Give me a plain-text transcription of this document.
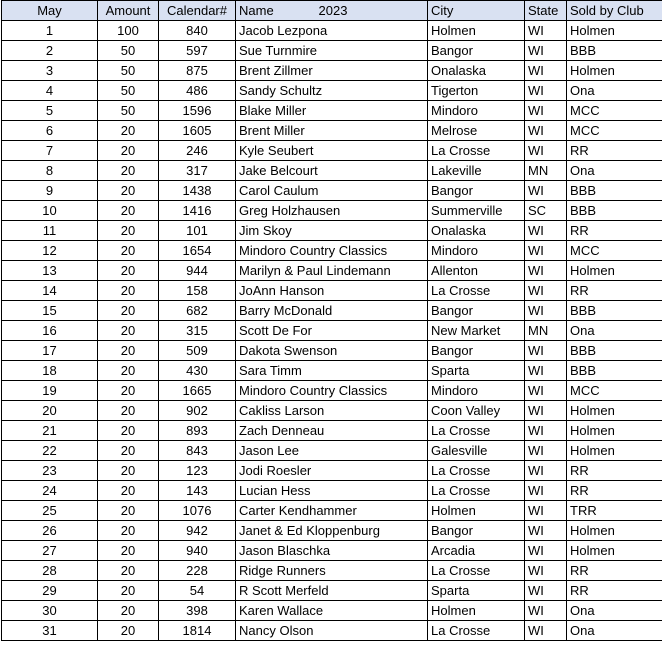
May	Amount	Calendar#	Name 2023	City	State	Sold by Club
1	100	840	Jacob Lezpona	Holmen	WI	Holmen
2	50	597	Sue Turnmire	Bangor	WI	BBB
3	50	875	Brent Zillmer	Onalaska	WI	Holmen
4	50	486	Sandy Schultz	Tigerton	WI	Ona
5	50	1596	Blake Miller	Mindoro	WI	MCC
6	20	1605	Brent Miller	Melrose	WI	MCC
7	20	246	Kyle Seubert	La Crosse	WI	RR
8	20	317	Jake Belcourt	Lakeville	MN	Ona
9	20	1438	Carol Caulum	Bangor	WI	BBB
10	20	1416	Greg Holzhausen	Summerville	SC	BBB
11	20	101	Jim Skoy	Onalaska	WI	RR
12	20	1654	Mindoro Country Classics	Mindoro	WI	MCC
13	20	944	Marilyn & Paul Lindemann	Allenton	WI	Holmen
14	20	158	JoAnn Hanson	La Crosse	WI	RR
15	20	682	Barry McDonald	Bangor	WI	BBB
16	20	315	Scott De For	New Market	MN	Ona
17	20	509	Dakota Swenson	Bangor	WI	BBB
18	20	430	Sara Timm	Sparta	WI	BBB
19	20	1665	Mindoro Country Classics	Mindoro	WI	MCC
20	20	902	Cakliss Larson	Coon Valley	WI	Holmen
21	20	893	Zach Denneau	La Crosse	WI	Holmen
22	20	843	Jason Lee	Galesville	WI	Holmen
23	20	123	Jodi Roesler	La Crosse	WI	RR
24	20	143	Lucian Hess	La Crosse	WI	RR
25	20	1076	Carter Kendhammer	Holmen	WI	TRR
26	20	942	Janet & Ed Kloppenburg	Bangor	WI	Holmen
27	20	940	Jason Blaschka	Arcadia	WI	Holmen
28	20	228	Ridge Runners	La Crosse	WI	RR
29	20	54	R Scott Merfeld	Sparta	WI	RR
30	20	398	Karen Wallace	Holmen	WI	Ona
31	20	1814	Nancy Olson	La Crosse	WI	Ona
